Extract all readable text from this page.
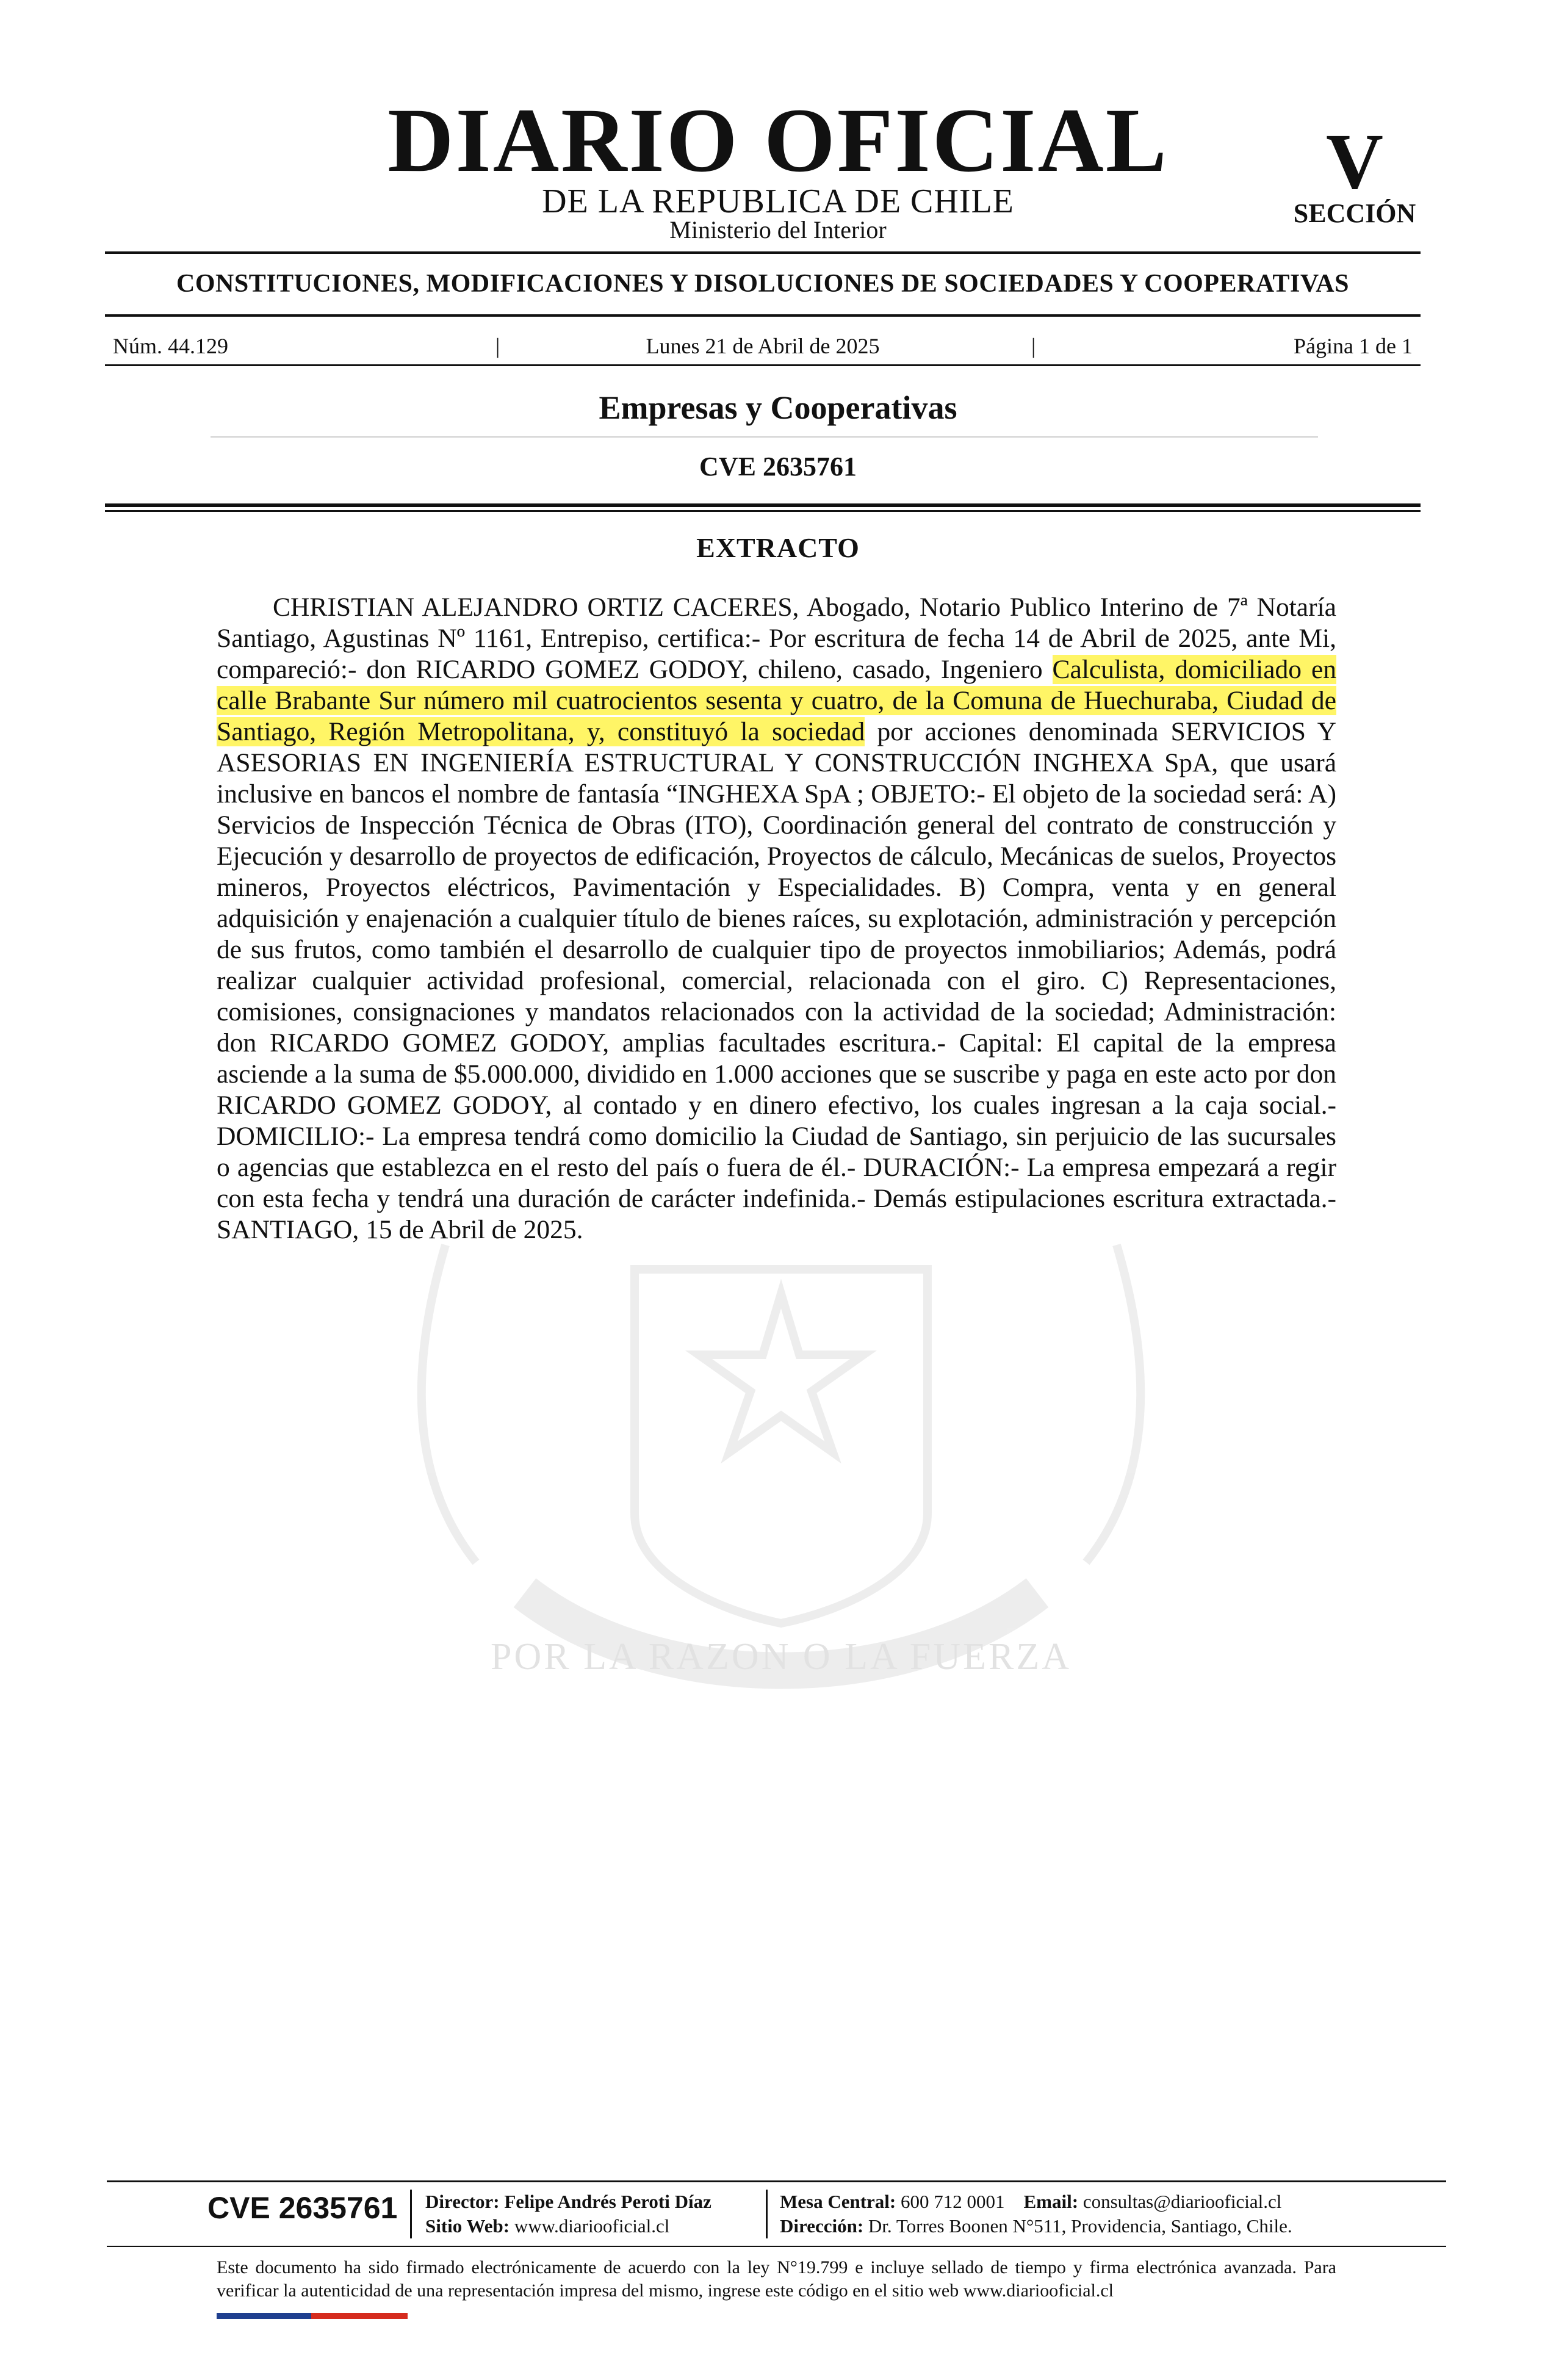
DIARIO OFICIAL
DE LA REPUBLICA DE CHILE
Ministerio del Interior
V
SECCIÓN
CONSTITUCIONES, MODIFICACIONES Y DISOLUCIONES DE SOCIEDADES Y COOPERATIVAS
Núm. 44.129	|	Lunes 21 de Abril de 2025	|	Página 1 de 1
Empresas y Cooperativas
CVE 2635761
EXTRACTO
POR LA RAZON O LA FUERZA
CHRISTIAN ALEJANDRO ORTIZ CACERES, Abogado, Notario Publico Interino de 7ª Notaría Santiago, Agustinas Nº 1161, Entrepiso, certifica:- Por escritura de fecha 14 de Abril de 2025, ante Mi, compareció:- don RICARDO GOMEZ GODOY, chileno, casado, Ingeniero Calculista, domiciliado en calle Brabante Sur número mil cuatrocientos sesenta y cuatro, de la Comuna de Huechuraba, Ciudad de Santiago, Región Metropolitana, y, constituyó la sociedad por acciones denominada SERVICIOS Y ASESORIAS EN INGENIERÍA ESTRUCTURAL Y CONSTRUCCIÓN INGHEXA SpA, que usará inclusive en bancos el nombre de fantasía “INGHEXA SpA ; OBJETO:- El objeto de la sociedad será: A) Servicios de Inspección Técnica de Obras (ITO), Coordinación general del contrato de construcción y Ejecución y desarrollo de proyectos de edificación, Proyectos de cálculo, Mecánicas de suelos, Proyectos mineros, Proyectos eléctricos, Pavimentación y Especialidades. B) Compra, venta y en general adquisición y enajenación a cualquier título de bienes raíces, su explotación, administración y percepción de sus frutos, como también el desarrollo de cualquier tipo de proyectos inmobiliarios; Además, podrá realizar cualquier actividad profesional, comercial, relacionada con el giro. C) Representaciones, comisiones, consignaciones y mandatos relacionados con la actividad de la sociedad; Administración: don RICARDO GOMEZ GODOY, amplias facultades escritura.- Capital: El capital de la empresa asciende a la suma de $5.000.000, dividido en 1.000 acciones que se suscribe y paga en este acto por don RICARDO GOMEZ GODOY, al contado y en dinero efectivo, los cuales ingresan a la caja social.- DOMICILIO:- La empresa tendrá como domicilio la Ciudad de Santiago, sin perjuicio de las sucursales o agencias que establezca en el resto del país o fuera de él.- DURACIÓN:- La empresa empezará a regir con esta fecha y tendrá una duración de carácter indefinida.- Demás estipulaciones escritura extractada.- SANTIAGO, 15 de Abril de 2025.
CVE 2635761 Director: Felipe Andrés Peroti Díaz
Sitio Web: www.diariooficial.cl
Mesa Central: 600 712 0001 Email: consultas@diariooficial.cl
Dirección: Dr. Torres Boonen N°511, Providencia, Santiago, Chile.
Este documento ha sido firmado electrónicamente de acuerdo con la ley N°19.799 e incluye sellado de tiempo y firma electrónica avanzada. Para verificar la autenticidad de una representación impresa del mismo, ingrese este código en el sitio web www.diariooficial.cl
